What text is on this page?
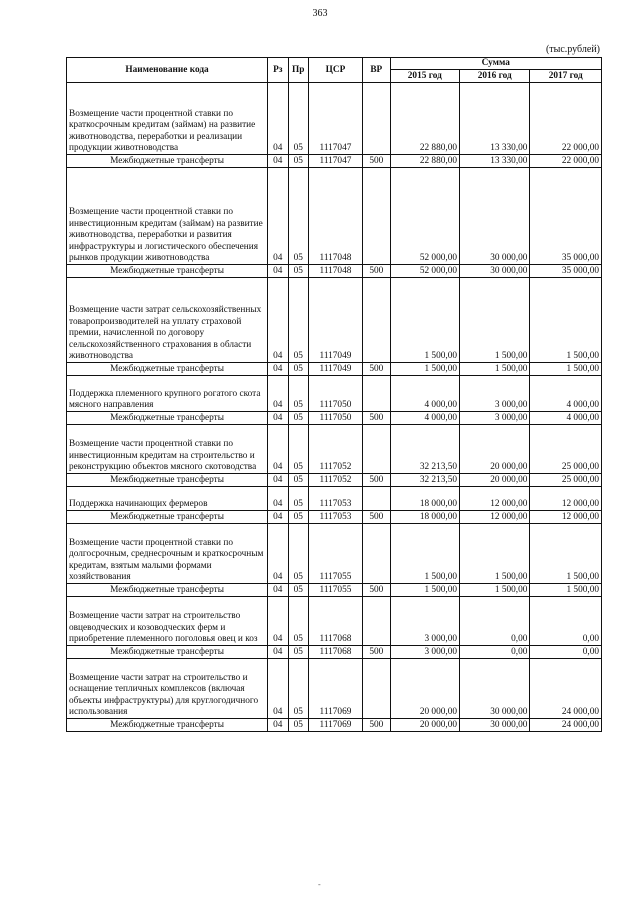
363
(тыс.рублей)
Наименование кода	Рз	Пр	ЦСР	ВР	Сумма		
					2015 год	2016 год	2017 год
Возмещение части процентной ставки по краткосрочным кредитам (займам) на развитие животноводства, переработки и реализации продукции животноводства	04	05	1117047		22 880,00	13 330,00	22 000,00
Межбюджетные трансферты	04	05	1117047	500	22 880,00	13 330,00	22 000,00
Возмещение части процентной ставки по инвестиционным кредитам (займам) на развитие животноводства, переработки и развития инфраструктуры и логистического обеспечения рынков продукции животноводства	04	05	1117048		52 000,00	30 000,00	35 000,00
Межбюджетные трансферты	04	05	1117048	500	52 000,00	30 000,00	35 000,00
Возмещение части затрат сельскохозяйственных товаропроизводителей на уплату страховой премии, начисленной по договору сельскохозяйственного страхования в области животноводства	04	05	1117049		1 500,00	1 500,00	1 500,00
Межбюджетные трансферты	04	05	1117049	500	1 500,00	1 500,00	1 500,00
Поддержка племенного крупного рогатого скота мясного направления	04	05	1117050		4 000,00	3 000,00	4 000,00
Межбюджетные трансферты	04	05	1117050	500	4 000,00	3 000,00	4 000,00
Возмещение части процентной ставки по инвестиционным кредитам на строительство и реконструкцию объектов мясного скотоводства	04	05	1117052		32 213,50	20 000,00	25 000,00
Межбюджетные трансферты	04	05	1117052	500	32 213,50	20 000,00	25 000,00
Поддержка начинающих фермеров	04	05	1117053		18 000,00	12 000,00	12 000,00
Межбюджетные трансферты	04	05	1117053	500	18 000,00	12 000,00	12 000,00
Возмещение части процентной ставки по долгосрочным, среднесрочным и краткосрочным кредитам, взятым малыми формами хозяйствования	04	05	1117055		1 500,00	1 500,00	1 500,00
Межбюджетные трансферты	04	05	1117055	500	1 500,00	1 500,00	1 500,00
Возмещение части затрат на строительство овцеводческих и козоводческих ферм и приобретение племенного поголовья овец и коз	04	05	1117068		3 000,00	0,00	0,00
Межбюджетные трансферты	04	05	1117068	500	3 000,00	0,00	0,00
Возмещение части затрат на строительство и оснащение тепличных комплексов (включая объекты инфраструктуры) для круглогодичного использования	04	05	1117069		20 000,00	30 000,00	24 000,00
Межбюджетные трансферты	04	05	1117069	500	20 000,00	30 000,00	24 000,00
-
